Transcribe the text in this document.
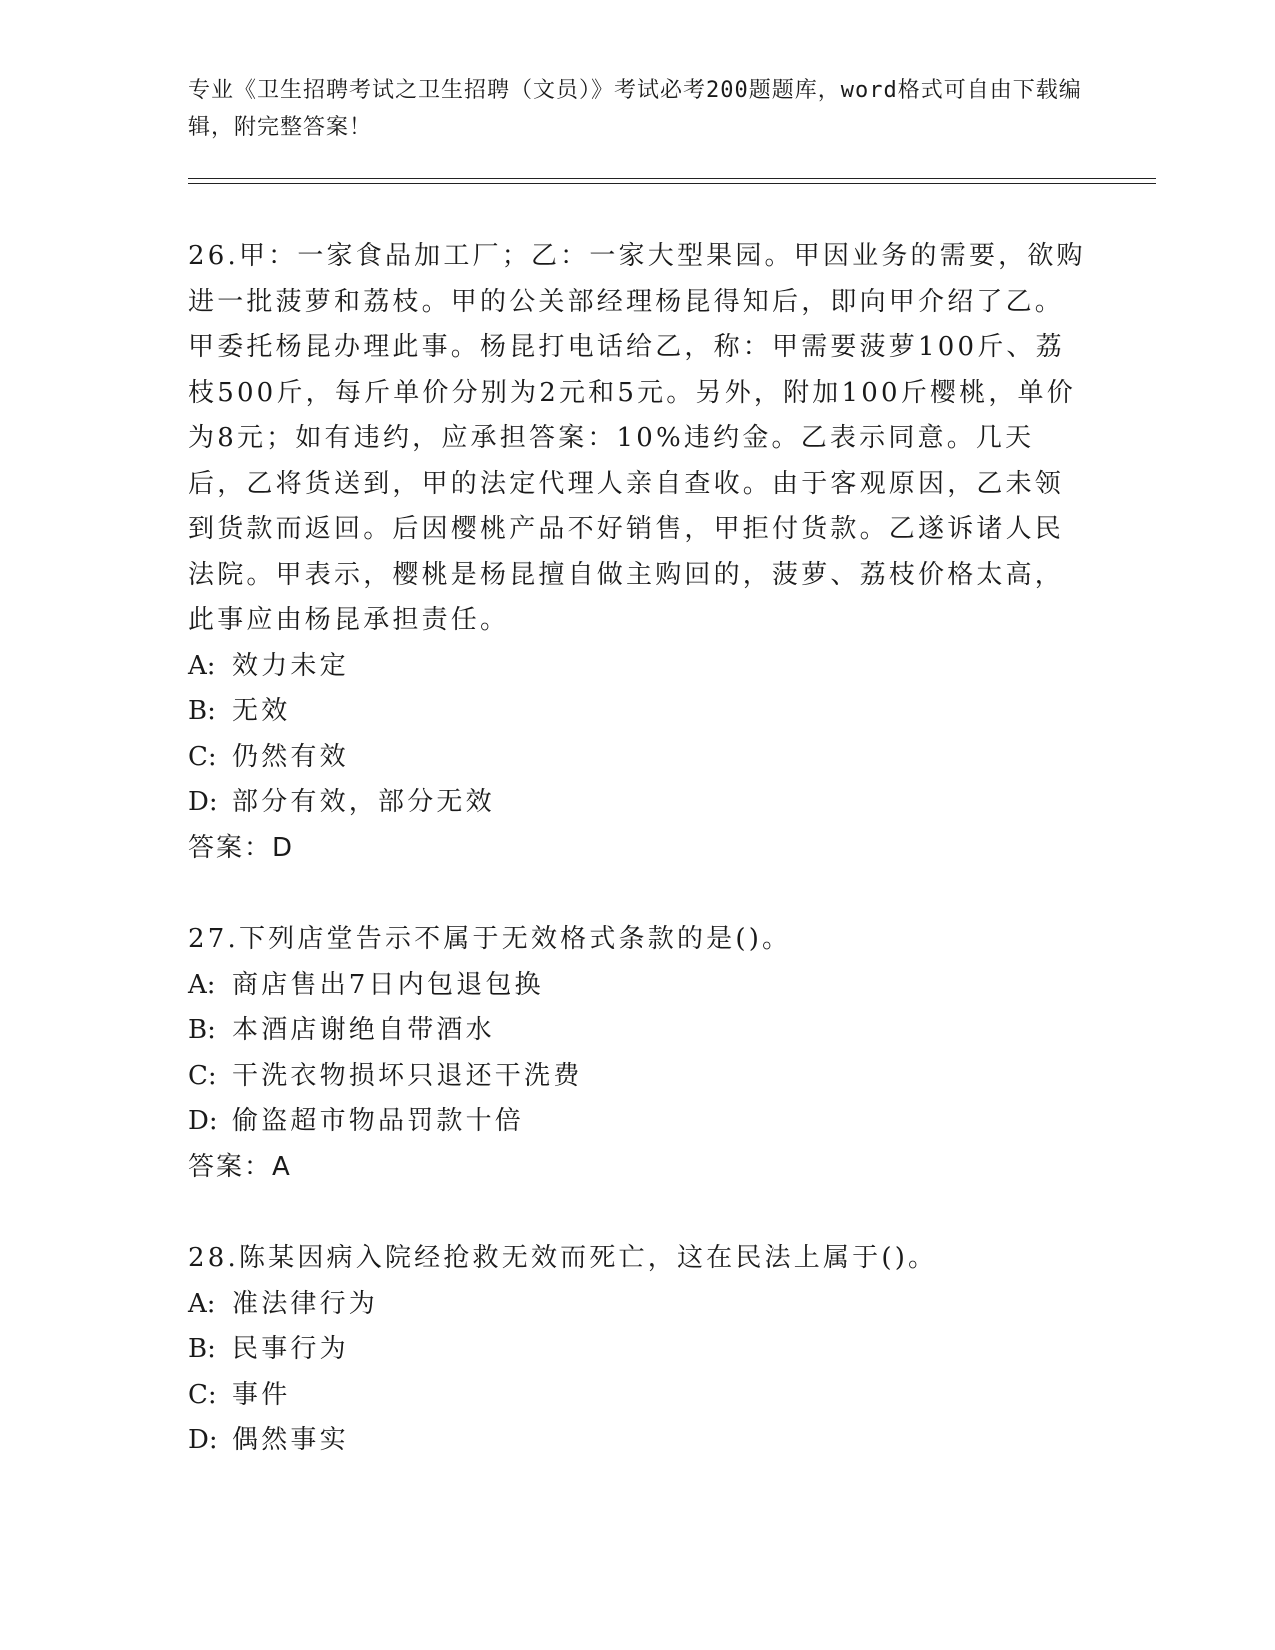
专业《卫生招聘考试之卫生招聘（文员）》考试必考200题题库，word格式可自由下载编辑，附完整答案！

26.甲：一家食品加工厂；乙：一家大型果园。甲因业务的需要，欲购进一批菠萝和荔枝。甲的公关部经理杨昆得知后，即向甲介绍了乙。甲委托杨昆办理此事。杨昆打电话给乙，称：甲需要菠萝100斤、荔枝500斤，每斤单价分别为2元和5元。另外，附加100斤樱桃，单价为8元；如有违约，应承担答案：10%违约金。乙表示同意。几天后，乙将货送到，甲的法定代理人亲自查收。由于客观原因，乙未领到货款而返回。后因樱桃产品不好销售，甲拒付货款。乙遂诉诸人民法院。甲表示，樱桃是杨昆擅自做主购回的，菠萝、荔枝价格太高，此事应由杨昆承担责任。

A: 效力未定

B: 无效

C: 仍然有效

D: 部分有效，部分无效

答案：D

27.下列店堂告示不属于无效格式条款的是()。

A: 商店售出7日内包退包换

B: 本酒店谢绝自带酒水

C: 干洗衣物损坏只退还干洗费

D: 偷盗超市物品罚款十倍

答案：A

28.陈某因病入院经抢救无效而死亡，这在民法上属于()。

A: 准法律行为

B: 民事行为

C: 事件

D: 偶然事实
